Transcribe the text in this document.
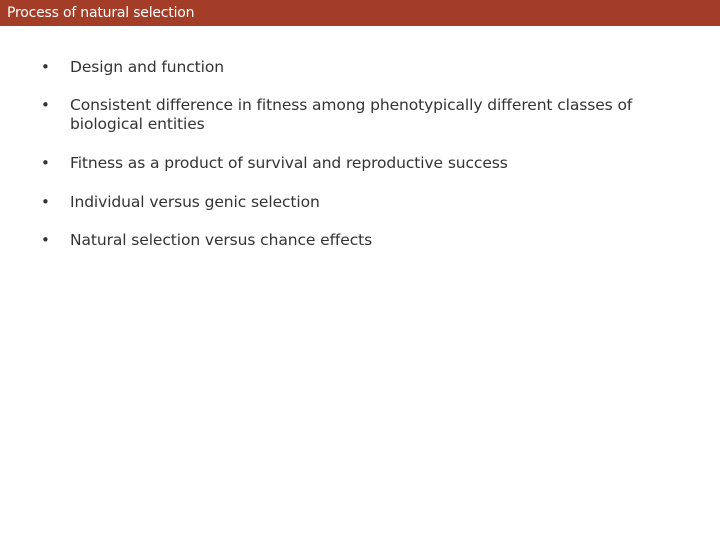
Process of natural selection
• Design and function
• Consistent difference in fitness among phenotypically different classes of biological entities
• Fitness as a product of survival and reproductive success
• Individual versus genic selection
• Natural selection versus chance effects
